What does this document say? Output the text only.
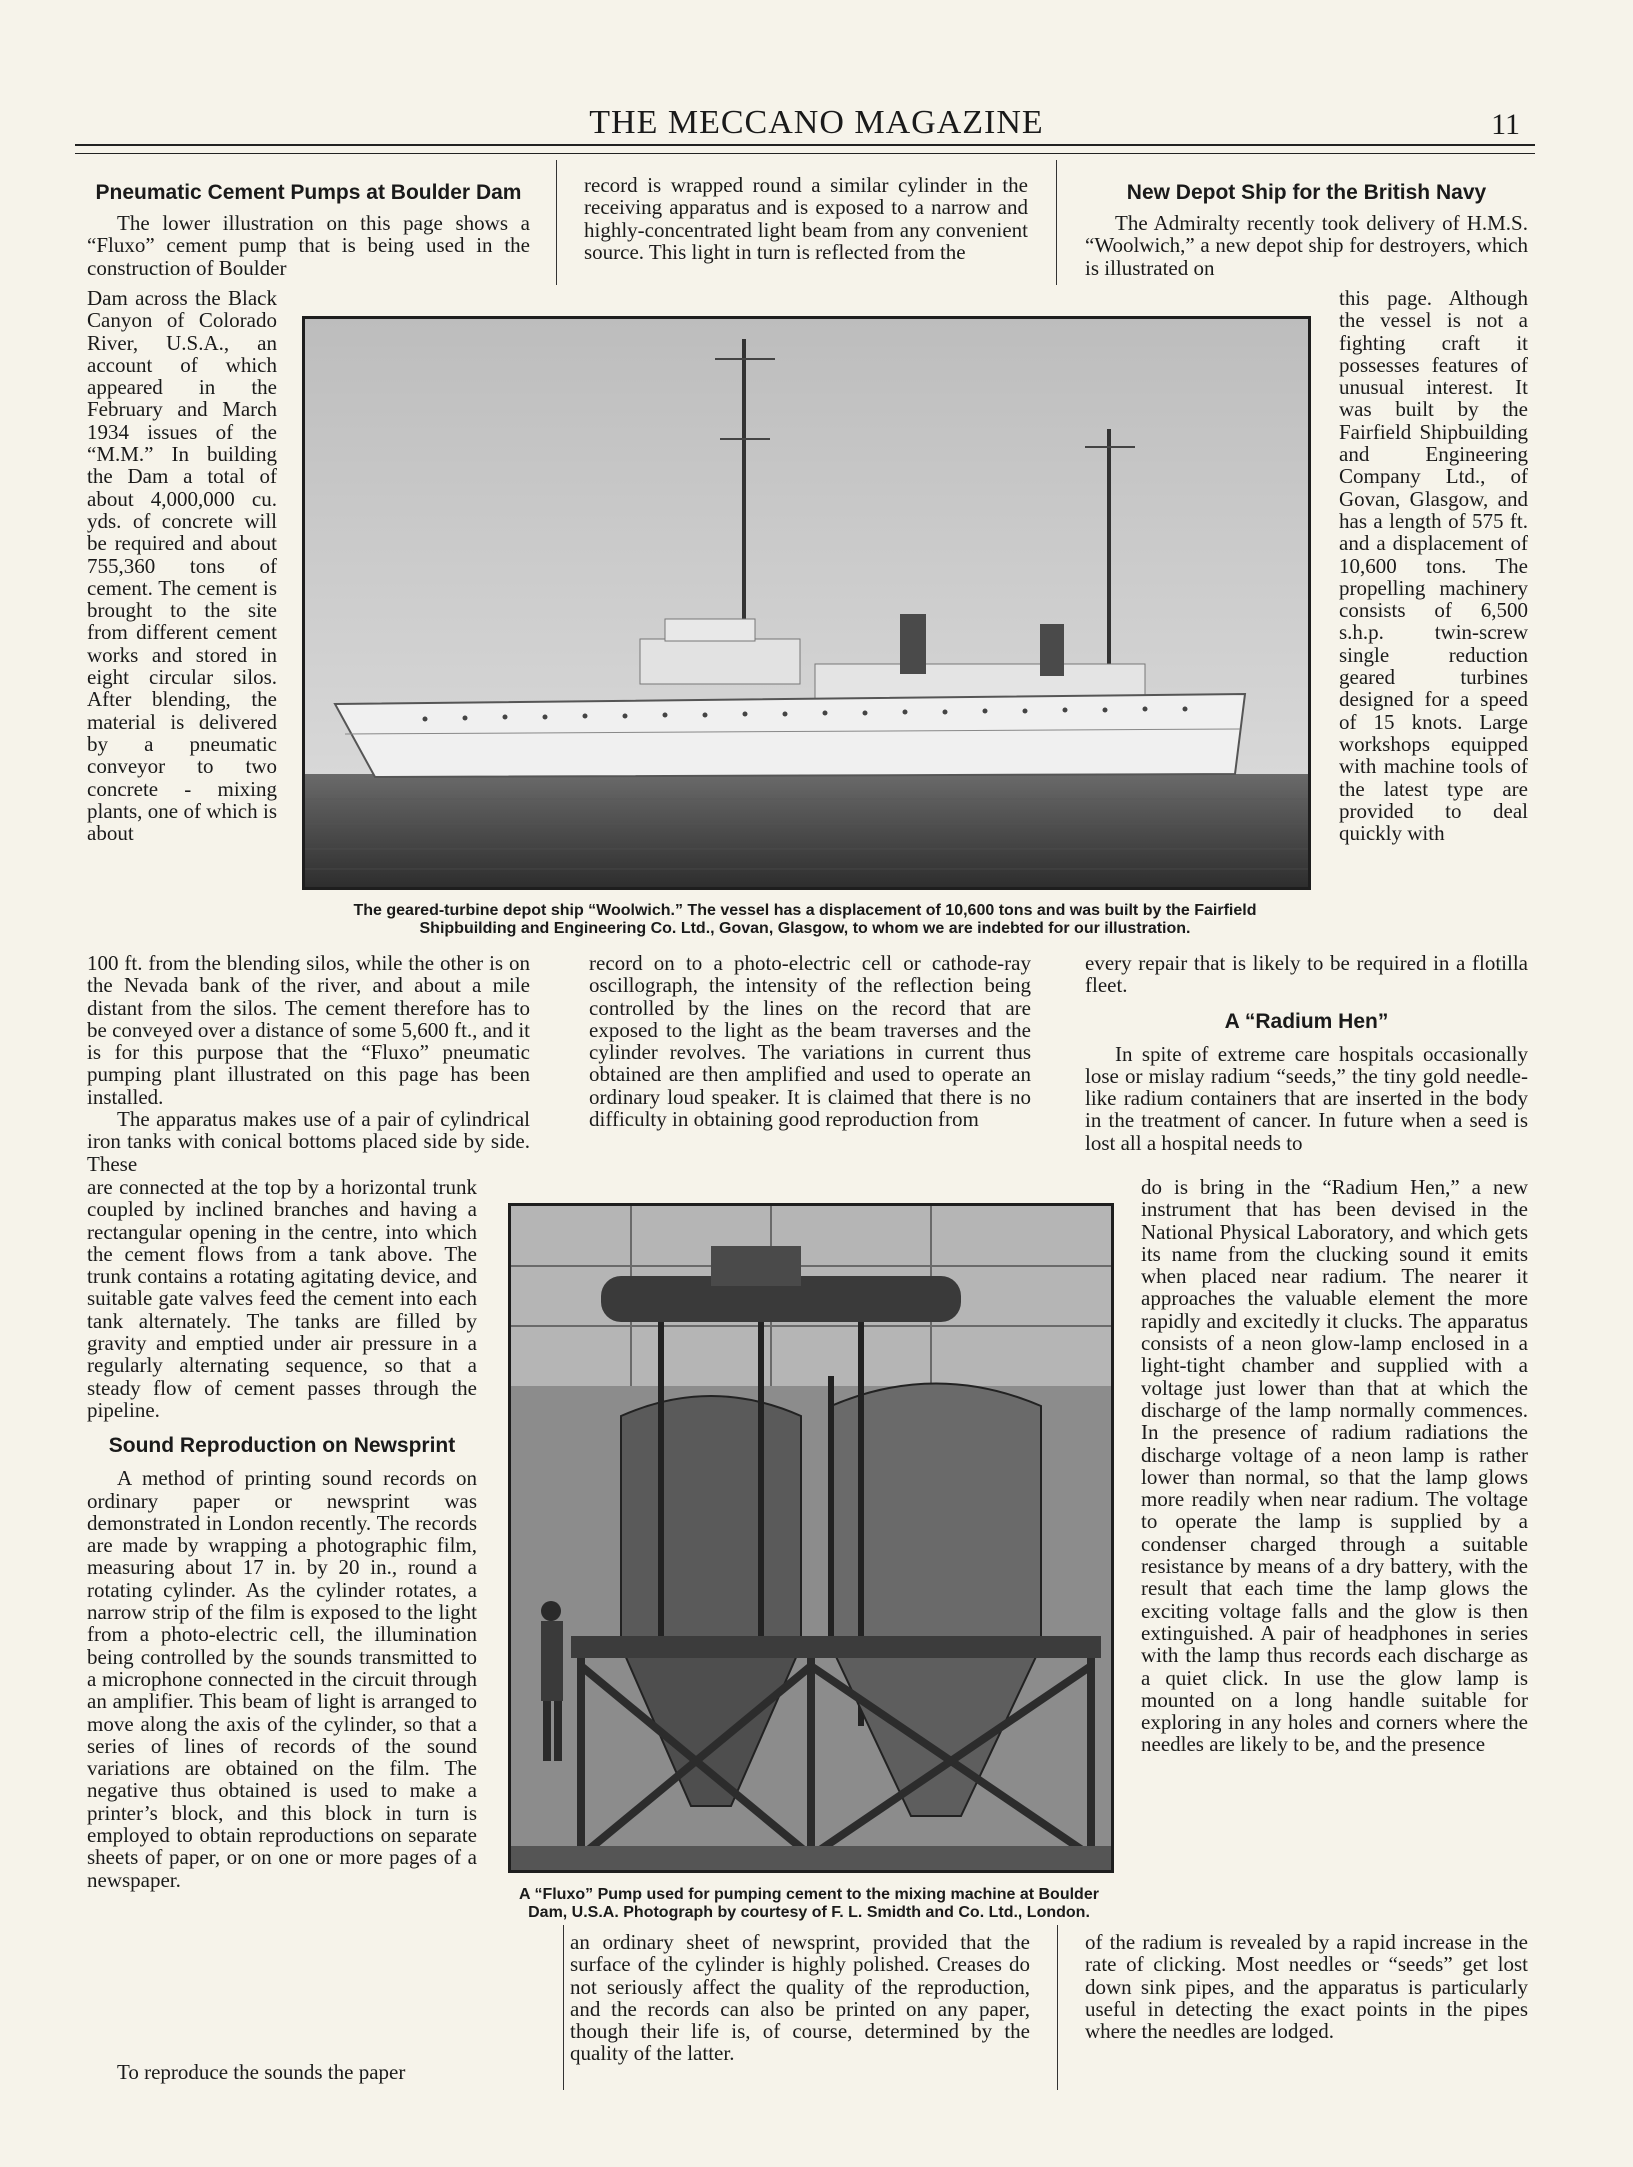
THE MECCANO MAGAZINE	11
Pneumatic Cement Pumps at Boulder Dam

The lower illustration on this page shows a “Fluxo” cement pump that is being used in the construction of Boulder

Dam across the Black Canyon of Colorado River, U.S.A., an account of which appeared in the February and March 1934 issues of the “M.M.” In building the Dam a total of about 4,000,000 cu. yds. of concrete will be required and about 755,360 tons of cement. The cement is brought to the site from different cement works and stored in eight circular silos. After blending, the material is delivered by a pneumatic conveyor to two concrete - mixing plants, one of which is about

100 ft. from the blending silos, while the other is on the Nevada bank of the river, and about a mile distant from the silos. The cement therefore has to be conveyed over a distance of some 5,600 ft., and it is for this purpose that the “Fluxo” pneumatic pumping plant illustrated on this page has been installed.

The apparatus makes use of a pair of cylindrical iron tanks with conical bottoms placed side by side. These

are connected at the top by a horizontal trunk coupled by inclined branches and having a rectangular opening in the centre, into which the cement flows from a tank above. The trunk contains a rotating agitating device, and suitable gate valves feed the cement into each tank alternately. The tanks are filled by gravity and emptied under air pressure in a regularly alternating sequence, so that a steady flow of cement passes through the pipeline.

Sound Reproduction on Newsprint

A method of printing sound records on ordinary paper or newsprint was demonstrated in London recently. The records are made by wrapping a photographic film, measuring about 17 in. by 20 in., round a rotating cylinder. As the cylinder rotates, a narrow strip of the film is exposed to the light from a photo-electric cell, the illumination being controlled by the sounds transmitted to a microphone connected in the circuit through an amplifier. This beam of light is arranged to move along the axis of the cylinder, so that a series of lines of records of the sound variations are obtained on the film. The negative thus obtained is used to make a printer’s block, and this block in turn is employed to obtain reproductions on separate sheets of paper, or on one or more pages of a newspaper.

To reproduce the sounds the paper

record is wrapped round a similar cylinder in the receiving apparatus and is exposed to a narrow and highly-concentrated light beam from any convenient source. This light in turn is reflected from the

record on to a photo-electric cell or cathode-ray oscillograph, the intensity of the reflection being controlled by the lines on the record that are exposed to the light as the beam traverses and the cylinder revolves. The variations in current thus obtained are then amplified and used to operate an ordinary loud speaker. It is claimed that there is no difficulty in obtaining good reproduction from

an ordinary sheet of newsprint, provided that the surface of the cylinder is highly polished. Creases do not seriously affect the quality of the reproduction, and the records can also be printed on any paper, though their life is, of course, determined by the quality of the latter.

New Depot Ship for the British Navy

The Admiralty recently took delivery of H.M.S. “Woolwich,” a new depot ship for destroyers, which is illustrated on

this page. Although the vessel is not a fighting craft it possesses features of unusual interest. It was built by the Fairfield Shipbuilding and Engineering Company Ltd., of Govan, Glasgow, and has a length of 575 ft. and a displacement of 10,600 tons. The propelling machinery consists of 6,500 s.h.p. twin-screw single reduction geared turbines designed for a speed of 15 knots. Large workshops equipped with machine tools of the latest type are provided to deal quickly with

every repair that is likely to be required in a flotilla fleet.

A “Radium Hen”

In spite of extreme care hospitals occasionally lose or mislay radium “seeds,” the tiny gold needle-like radium containers that are inserted in the body in the treatment of cancer. In future when a seed is lost all a hospital needs to

do is bring in the “Radium Hen,” a new instrument that has been devised in the National Physical Laboratory, and which gets its name from the clucking sound it emits when placed near radium. The nearer it approaches the valuable element the more rapidly and excitedly it clucks. The apparatus consists of a neon glow-lamp enclosed in a light-tight chamber and supplied with a voltage just lower than that at which the discharge of the lamp normally commences. In the presence of radium radiations the discharge voltage of a neon lamp is rather lower than normal, so that the lamp glows more readily when near radium. The voltage to operate the lamp is supplied by a condenser charged through a suitable resistance by means of a dry battery, with the result that each time the lamp glows the exciting voltage falls and the glow is then extinguished. A pair of headphones in series with the lamp thus records each discharge as a quiet click. In use the glow lamp is mounted on a long handle suitable for exploring in any holes and corners where the needles are likely to be, and the presence

of the radium is revealed by a rapid increase in the rate of clicking. Most needles or “seeds” get lost down sink pipes, and the apparatus is particularly useful in detecting the exact points in the pipes where the needles are lodged.

The geared-turbine depot ship “Woolwich.” The vessel has a displacement of 10,600 tons and was built by the Fairfield Shipbuilding and Engineering Co. Ltd., Govan, Glasgow, to whom we are indebted for our illustration.
A “Fluxo” Pump used for pumping cement to the mixing machine at Boulder Dam, U.S.A. Photograph by courtesy of F. L. Smidth and Co. Ltd., London.
